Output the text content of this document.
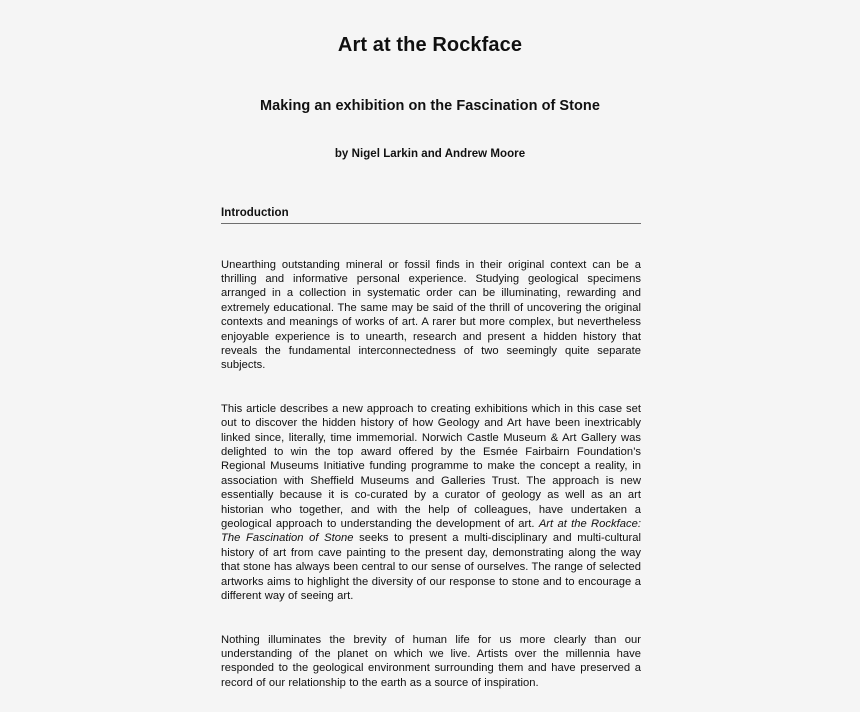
Art at the Rockface
Making an exhibition on the Fascination of Stone

by Nigel Larkin and Andrew Moore

Introduction

Unearthing outstanding mineral or fossil finds in their original context can be a thrilling and informative personal experience. Studying geological specimens arranged in a collection in systematic order can be illuminating, rewarding and extremely educational. The same may be said of the thrill of uncovering the original contexts and meanings of works of art. A rarer but more complex, but nevertheless enjoyable experience is to unearth, research and present a hidden history that reveals the fundamental interconnectedness of two seemingly quite separate subjects.

This article describes a new approach to creating exhibitions which in this case set out to discover the hidden history of how Geology and Art have been inextricably linked since, literally, time immemorial. Norwich Castle Museum & Art Gallery was delighted to win the top award offered by the Esmée Fairbairn Foundation’s Regional Museums Initiative funding programme to make the concept a reality, in association with Sheffield Museums and Galleries Trust. The approach is new essentially because it is co-curated by a curator of geology as well as an art historian who together, and with the help of colleagues, have undertaken a geological approach to understanding the development of art. Art at the Rockface: The Fascination of Stone seeks to present a multi-disciplinary and multi-cultural history of art from cave painting to the present day, demonstrating along the way that stone has always been central to our sense of ourselves. The range of selected artworks aims to highlight the diversity of our response to stone and to encourage a different way of seeing art.

Nothing illuminates the brevity of human life for us more clearly than our understanding of the planet on which we live. Artists over the millennia have responded to the geological environment surrounding them and have preserved a record of our relationship to the earth as a source of inspiration.
